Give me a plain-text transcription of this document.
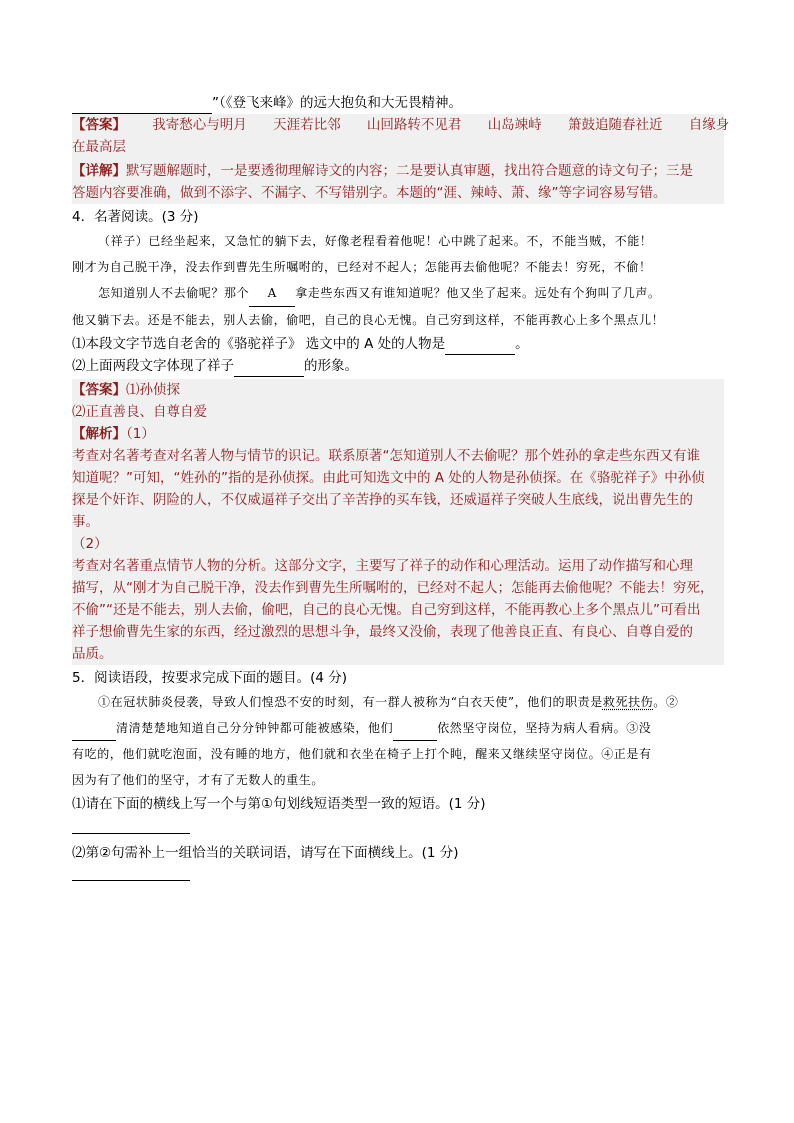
”（《登飞来峰》的远大抱负和大无畏精神。
【答案】 我寄愁心与明月 天涯若比邻 山回路转不见君 山岛竦峙 箫鼓追随春社近 自缘身
在最高层
【详解】默写题解题时，一是要透彻理解诗文的内容；二是要认真审题，找出符合题意的诗文句子；三是
答题内容要准确，做到不添字、不漏字、不写错别字。本题的“涯、辣峙、萧、缘”等字词容易写错。
4．名著阅读。(3 分)
（祥子）已经坐起来，又急忙的躺下去，好像老程看着他呢！心中跳了起来。不，不能当贼，不能！
刚才为自己脱干净，没去作到曹先生所嘱咐的，已经对不起人；怎能再去偷他呢？不能去！穷死，不偷！
怎知道别人不去偷呢？那个 A 拿走些东西又有谁知道呢？他又坐了起来。远处有个狗叫了几声。
他又躺下去。还是不能去，别人去偷，偷吧，自己的良心无愧。自己穷到这样，不能再教心上多个黑点儿！
⑴本段文字节选自老舍的《骆驼祥子》 选文中的 A 处的人物是	。
⑵上面两段文字体现了祥子	的形象。
【答案】⑴孙侦探
⑵正直善良、自尊自爱
【解析】（1）
考查对名著考查对名著人物与情节的识记。联系原著“怎知道别人不去偷呢？那个姓孙的拿走些东西又有谁
知道呢？”可知，“姓孙的”指的是孙侦探。由此可知选文中的 A 处的人物是孙侦探。在《骆驼祥子》中孙侦
探是个奸诈、阴险的人，不仅威逼祥子交出了辛苦挣的买车钱，还威逼祥子突破人生底线，说出曹先生的
事。
（2）
考查对名著重点情节人物的分析。这部分文字，主要写了祥子的动作和心理活动。运用了动作描写和心理
描写，从“刚才为自己脱干净，没去作到曹先生所嘱咐的，已经对不起人；怎能再去偷他呢？不能去！穷死，
不偷”“还是不能去，别人去偷，偷吧，自己的良心无愧。自己穷到这样，不能再教心上多个黑点儿”可看出
祥子想偷曹先生家的东西，经过激烈的思想斗争，最终又没偷，表现了他善良正直、有良心、自尊自爱的
品质。
5．阅读语段，按要求完成下面的题目。(4 分)
①在冠状肺炎侵袭，导致人们惶恐不安的时刻，有一群人被称为“白衣天使”，他们的职责是救死扶伤。②
清清楚楚地知道自己分分钟钟都可能被感染，他们	依然坚守岗位，坚持为病人看病。③没
有吃的，他们就吃泡面，没有睡的地方，他们就和衣坐在椅子上打个盹，醒来又继续坚守岗位。④正是有
因为有了他们的坚守，才有了无数人的重生。
⑴请在下面的横线上写一个与第①句划线短语类型一致的短语。(1 分)
⑵第②句需补上一组恰当的关联词语，请写在下面横线上。(1 分)
